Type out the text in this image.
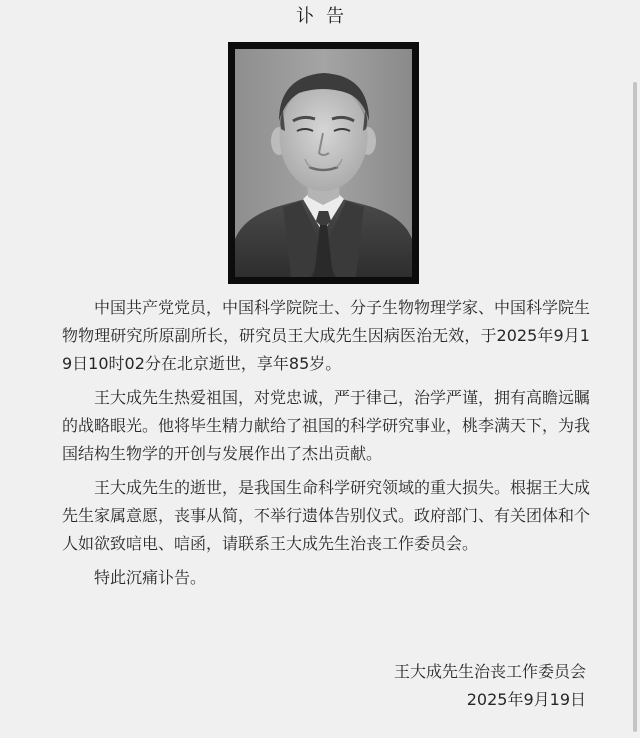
讣告

中国共产党党员，中国科学院院士、分子生物物理学家、中国科学院生物物理研究所原副所长，研究员王大成先生因病医治无效，于2025年9月19日10时02分在北京逝世，享年85岁。

王大成先生热爱祖国，对党忠诚，严于律己，治学严谨，拥有高瞻远瞩的战略眼光。他将毕生精力献给了祖国的科学研究事业，桃李满天下，为我国结构生物学的开创与发展作出了杰出贡献。

王大成先生的逝世，是我国生命科学研究领域的重大损失。根据王大成先生家属意愿，丧事从简，不举行遗体告别仪式。政府部门、有关团体和个人如欲致唁电、唁函，请联系王大成先生治丧工作委员会。

特此沉痛讣告。

王大成先生治丧工作委员会
2025年9月19日
